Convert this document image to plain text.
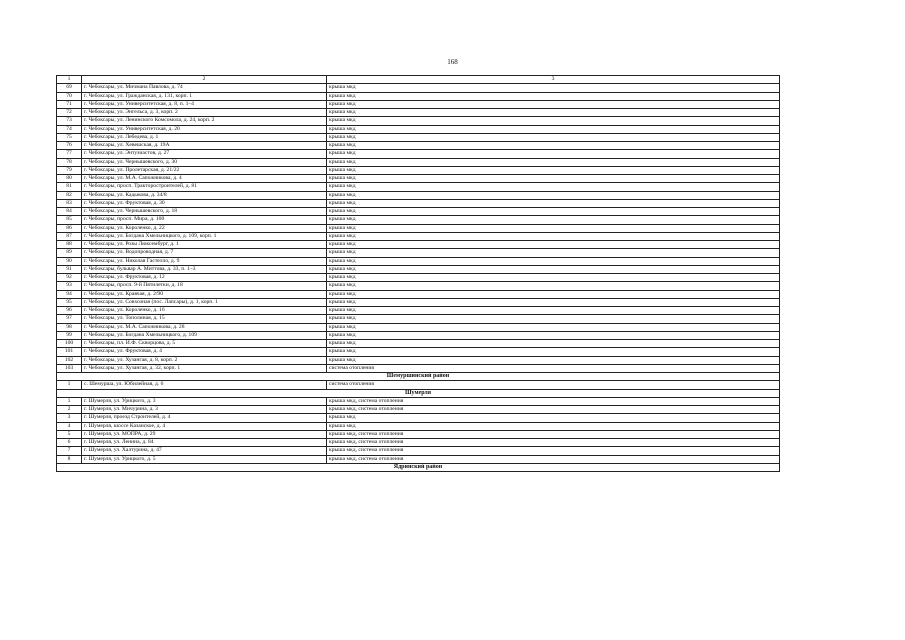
168
1	2	3
69	г. Чебоксары, ул. Мичмана Павлова, д. 74	крыша мкд
70	г. Чебоксары, ул. Гражданская, д. 131, корп. 1	крыша мкд
71	г. Чебоксары, ул. Университетская, д. 8, п. 1–4	крыша мкд
72	г. Чебоксары, ул. Энгельса, д. 3, корп. 2	крыша мкд
73	г. Чебоксары, ул. Ленинского Комсомола, д. 24, корп. 2	крыша мкд
74	г. Чебоксары, ул. Университетская, д. 20	крыша мкд
75	г. Чебоксары, ул. Лебедева, д. 1	крыша мкд
76	г. Чебоксары, ул. Хевешская, д. 19А	крыша мкд
77	г. Чебоксары, ул. Энтузиастов, д. 27	крыша мкд
78	г. Чебоксары, ул. Чернышевского, д. 30	крыша мкд
79	г. Чебоксары, ул. Пролетарская, д. 21/22	крыша мкд
80	г. Чебоксары, ул. М.А. Сапожникова, д. 4	крыша мкд
81	г. Чебоксары, просп. Тракторостроителей, д. 81	крыша мкд
82	г. Чебоксары, ул. Кадыкова, д. 34/8	крыша мкд
83	г. Чебоксары, ул. Фруктовая, д. 30	крыша мкд
84	г. Чебоксары, ул. Чернышевского, д. 18	крыша мкд
85	г. Чебоксары, просп. Мира, д. 100	крыша мкд
86	г. Чебоксары, ул. Короленко, д. 22	крыша мкд
87	г. Чебоксары, ул. Богдана Хмельницкого, д. 109, корп. 1	крыша мкд
88	г. Чебоксары, ул. Розы Люксембург, д. 1	крыша мкд
89	г. Чебоксары, ул. Водопроводная, д. 7	крыша мкд
90	г. Чебоксары, ул. Николая Гастелло, д. 9	крыша мкд
91	г. Чебоксары, бульвар А. Миттова, д. 33, п. 1–3	крыша мкд
92	г. Чебоксары, ул. Фруктовая, д. 12	крыша мкд
93	г. Чебоксары, просп. 9-й Пятилетки, д. 18	крыша мкд
94	г. Чебоксары, ул. Кравчая, д. 2/90	крыша мкд
95	г. Чебоксары, ул. Совхозная (пос. Лапсары), д. 1, корп. 1	крыша мкд
96	г. Чебоксары, ул. Короленко, д. 16	крыша мкд
97	г. Чебоксары, ул. Тополиная, д. 15	крыша мкд
98	г. Чебоксары, ул. М.А. Сапожникова, д. 28	крыша мкд
99	г. Чебоксары, ул. Богдана Хмельницкого, д. 109	крыша мкд
100	г. Чебоксары, пл. И.Ф. Скворцова, д. 5	крыша мкд
101	г. Чебоксары, ул. Фруктовая, д. 4	крыша мкд
102	г. Чебоксары, ул. Хузангая, д. 8, корп. 2	крыша мкд
103	г. Чебоксары, ул. Хузангая, д. 32, корп. 1	система отопления
Шемуршинский район		
1	с. Шемурша, ул. Юбилейная, д. 6	система отопления
Шумерля		
1	г. Шумерля, ул. Урицкого, д. 3	крыша мкд, система отопления
2	г. Шумерля, ул. Мичурина, д. 3	крыша мкд, система отопления
3	г. Шумерля, проезд Строителей, д. 4	крыша мкд
4	г. Шумерля, шоссе Казанское, д. 4	крыша мкд
5	г. Шумерля, ул. МОПРА, д. 29	крыша мкд, система отопления
6	г. Шумерля, ул. Ленина, д. 84	крыша мкд, система отопления
7	г. Шумерля, ул. Халтурина, д. 47	крыша мкд, система отопления
8	г. Шумерля, ул. Урицкого, д. 5	крыша мкд, система отопления
Ядринский район		
